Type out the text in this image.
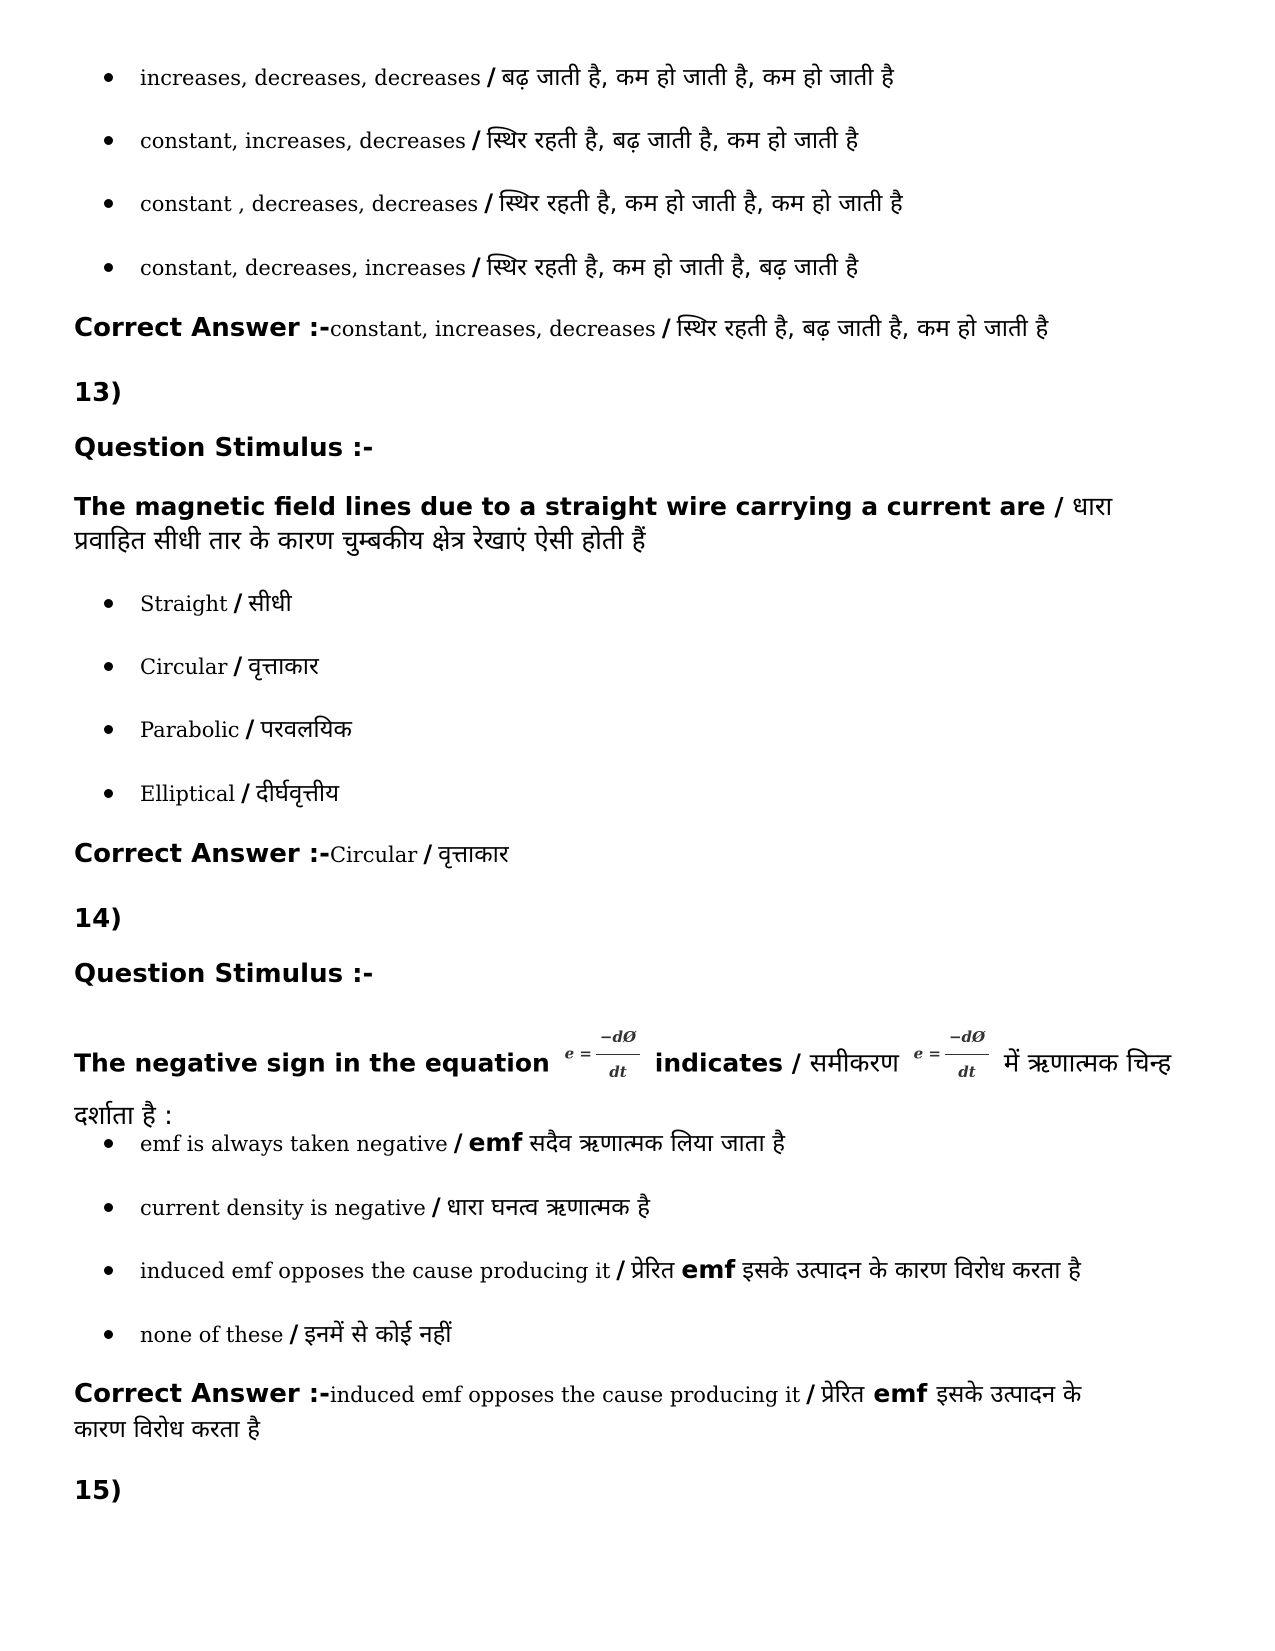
increases, decreases, decreases / बढ़ जाती है, कम हो जाती है, कम हो जाती है
constant, increases, decreases / स्थिर रहती है, बढ़ जाती है, कम हो जाती है
constant , decreases, decreases / स्थिर रहती है, कम हो जाती है, कम हो जाती है
constant, decreases, increases / स्थिर रहती है, कम हो जाती है, बढ़ जाती है
Correct Answer :-constant, increases, decreases / स्थिर रहती है, बढ़ जाती है, कम हो जाती है
13)
Question Stimulus :-
The magnetic field lines due to a straight wire carrying a current are / धारा
प्रवाहित सीधी तार के कारण चुम्बकीय क्षेत्र रेखाएं ऐसी होती हैं
Straight / सीधी
Circular / वृत्ताकार
Parabolic / परवलयिक
Elliptical / दीर्घवृत्तीय
Correct Answer :-Circular / वृत्ताकार
14)
Question Stimulus :-
The negative sign in the equation $e = \frac{-dØ}{dt}$ indicates / समीकरण $e = \frac{-dØ}{dt}$ में ऋणात्मक चिन्ह
दर्शाता है :
emf is always taken negative / emf सदैव ऋणात्मक लिया जाता है
current density is negative / धारा घनत्व ऋणात्मक है
induced emf opposes the cause producing it / प्रेरित emf इसके उत्पादन के कारण विरोध करता है
none of these / इनमें से कोई नहीं
Correct Answer :-induced emf opposes the cause producing it / प्रेरित emf इसके उत्पादन के
कारण विरोध करता है
15)
